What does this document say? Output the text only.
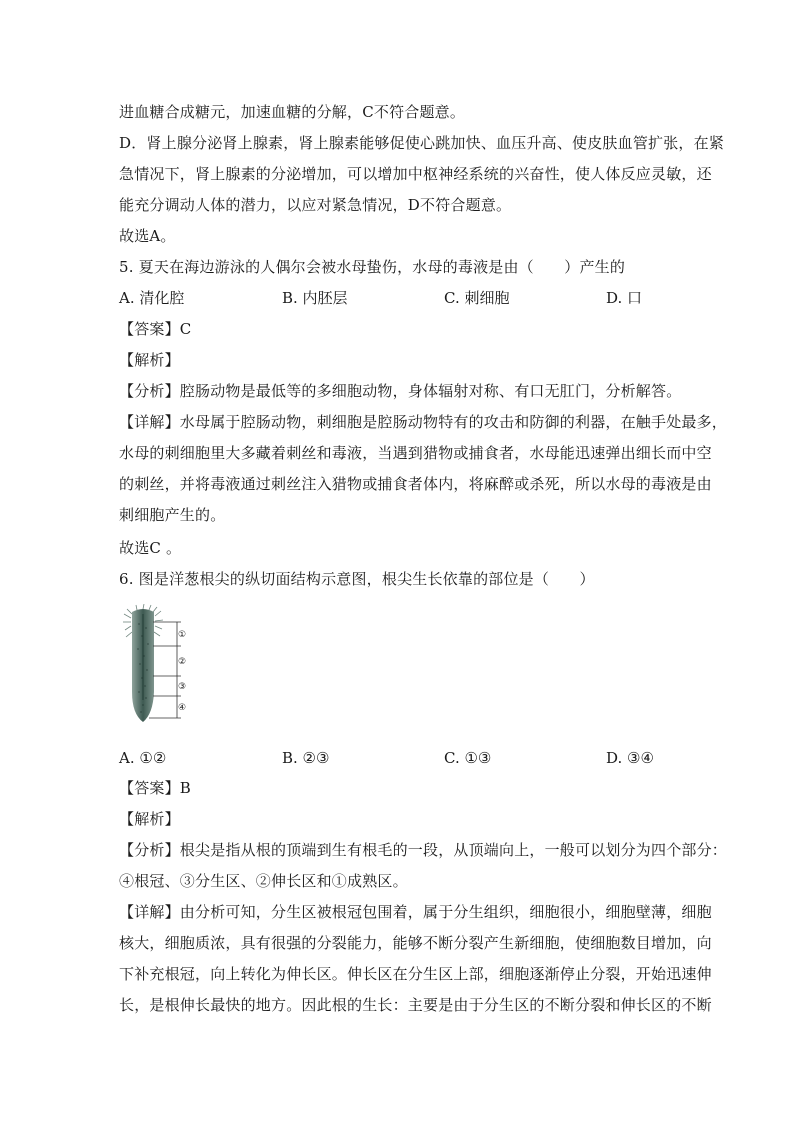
进血糖合成糖元，加速血糖的分解，C不符合题意。
D．肾上腺分泌肾上腺素，肾上腺素能够促使心跳加快、血压升高、使皮肤血管扩张，在紧
急情况下，肾上腺素的分泌增加，可以增加中枢神经系统的兴奋性，使人体反应灵敏，还
能充分调动人体的潜力，以应对紧急情况，D不符合题意。
故选A。
5. 夏天在海边游泳的人偶尔会被水母蛰伤，水母的毒液是由（　　）产生的
A. 清化腔	B. 内胚层	C. 刺细胞	D. 口
【答案】C
【解析】
【分析】腔肠动物是最低等的多细胞动物，身体辐射对称、有口无肛门，分析解答。
【详解】水母属于腔肠动物，刺细胞是腔肠动物特有的攻击和防御的利器，在触手处最多，
水母的刺细胞里大多藏着刺丝和毒液，当遇到猎物或捕食者，水母能迅速弹出细长而中空
的刺丝，并将毒液通过刺丝注入猎物或捕食者体内，将麻醉或杀死，所以水母的毒液是由
刺细胞产生的。
故选C 。
6. 图是洋葱根尖的纵切面结构示意图，根尖生长依靠的部位是（　　）
①
②
③
④
A. ①②	B. ②③	C. ①③	D. ③④
【答案】B
【解析】
【分析】根尖是指从根的顶端到生有根毛的一段，从顶端向上，一般可以划分为四个部分：
④根冠、③分生区、②伸长区和①成熟区。
【详解】由分析可知，分生区被根冠包围着，属于分生组织，细胞很小，细胞壁薄，细胞
核大，细胞质浓，具有很强的分裂能力，能够不断分裂产生新细胞，使细胞数目增加，向
下补充根冠，向上转化为伸长区。伸长区在分生区上部，细胞逐渐停止分裂，开始迅速伸
长，是根伸长最快的地方。因此根的生长：主要是由于分生区的不断分裂和伸长区的不断
